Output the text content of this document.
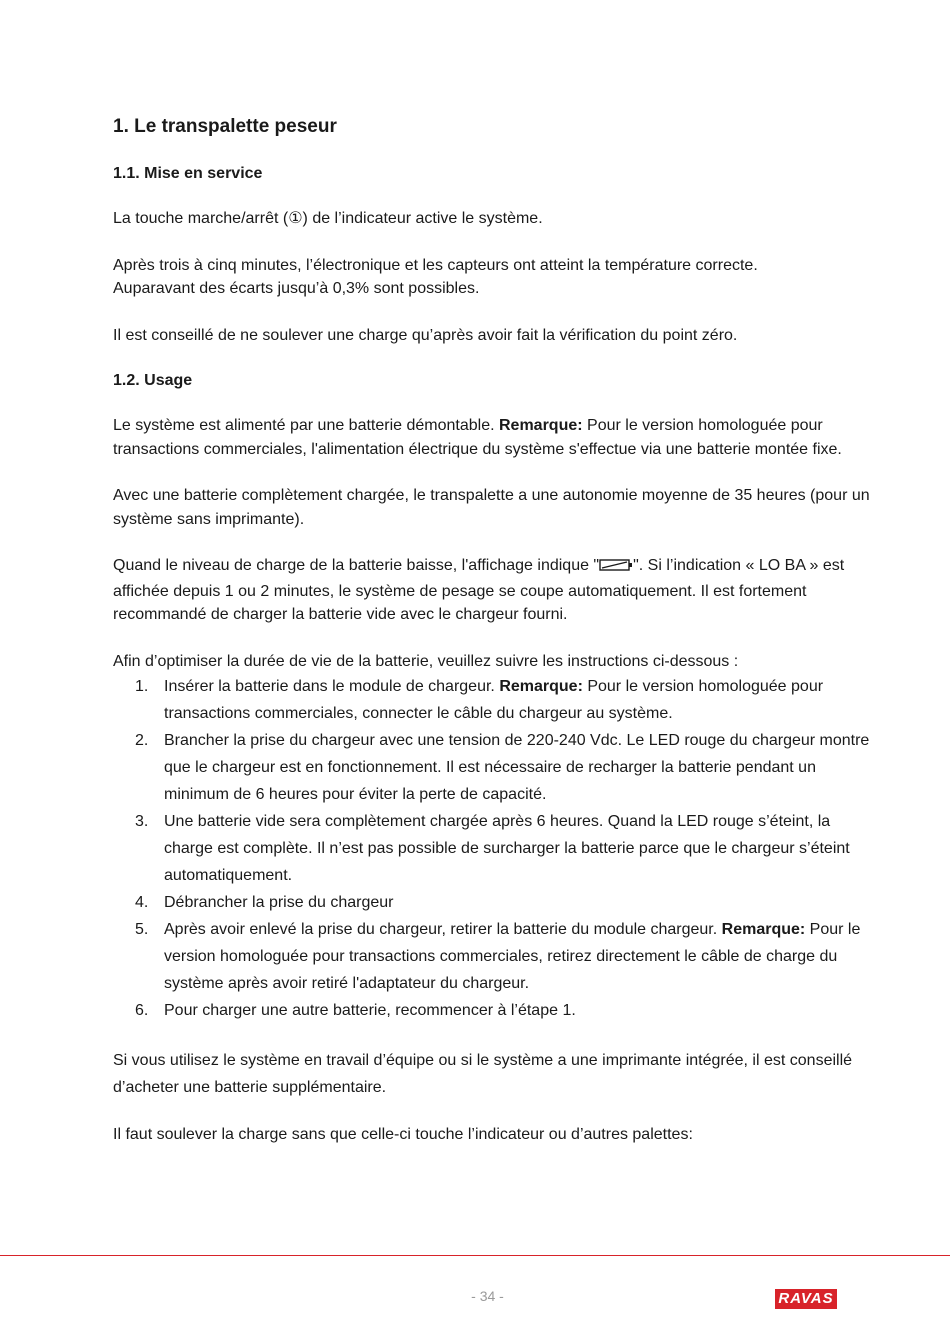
1. Le transpalette peseur
1.1. Mise en service

La touche marche/arrêt (①) de l’indicateur active le système.

Après trois à cinq minutes, l’électronique et les capteurs ont atteint la température correcte.
Auparavant des écarts jusqu’à 0,3% sont possibles.

Il est conseillé de ne soulever une charge qu’après avoir fait la vérification du point zéro.

1.2. Usage

Le système est alimenté par une batterie démontable. Remarque: Pour le version homologuée pour transactions commerciales, l'alimentation électrique du système s'effectue via une batterie montée fixe.

Avec une batterie complètement chargée, le transpalette a une autonomie moyenne de 35 heures (pour un système sans imprimante).

Quand le niveau de charge de la batterie baisse, l'affichage indique " ". Si l’indication « LO BA » est affichée depuis 1 ou 2 minutes, le système de pesage se coupe automatiquement. Il est fortement recommandé de charger la batterie vide avec le chargeur fourni.

Afin d’optimiser la durée de vie de la batterie, veuillez suivre les instructions ci-dessous :

1. Insérer la batterie dans le module de chargeur. Remarque: Pour le version homologuée pour transactions commerciales, connecter le câble du chargeur au système.
2. Brancher la prise du chargeur avec une tension de 220-240 Vdc. Le LED rouge du chargeur montre que le chargeur est en fonctionnement. Il est nécessaire de recharger la batterie pendant un minimum de 6 heures pour éviter la perte de capacité.
3. Une batterie vide sera complètement chargée après 6 heures. Quand la LED rouge s’éteint, la charge est complète. Il n’est pas possible de surcharger la batterie parce que le chargeur s’éteint automatiquement.
4. Débrancher la prise du chargeur
5. Après avoir enlevé la prise du chargeur, retirer la batterie du module chargeur. Remarque: Pour le version homologuée pour transactions commerciales, retirez directement le câble de charge du système après avoir retiré l'adaptateur du chargeur.
6. Pour charger une autre batterie, recommencer à l’étape 1.

Si vous utilisez le système en travail d’équipe ou si le système a une imprimante intégrée, il est conseillé d’acheter une batterie supplémentaire.

Il faut soulever la charge sans que celle-ci touche l’indicateur ou d’autres palettes:

- 34 -	RAVAS
